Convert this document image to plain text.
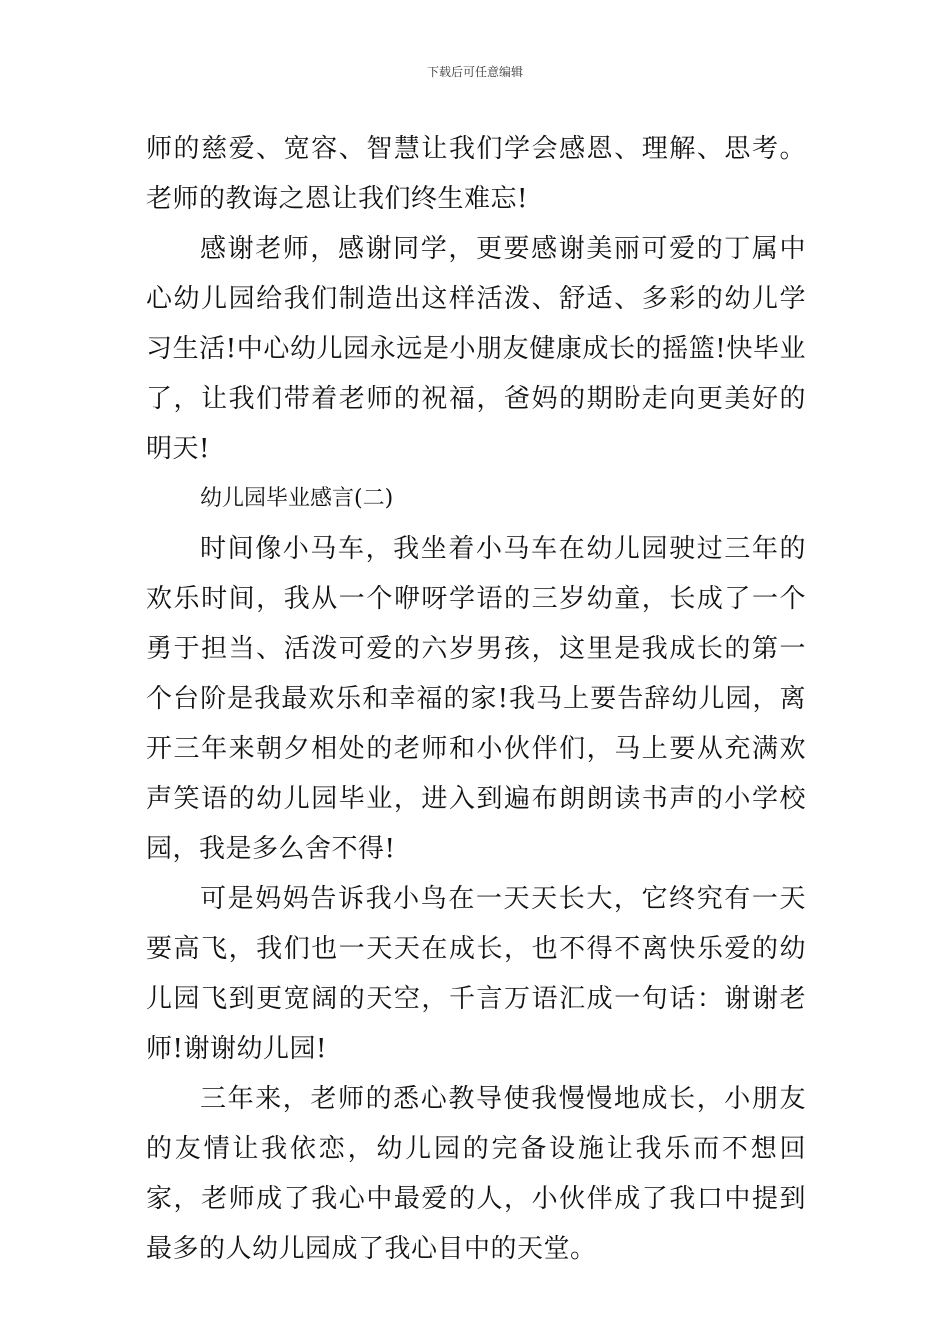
下载后可任意编辑

师的慈爱、宽容、智慧让我们学会感恩、理解、思考。老师的教诲之恩让我们终生难忘!

感谢老师，感谢同学，更要感谢美丽可爱的丁属中心幼儿园给我们制造出这样活泼、舒适、多彩的幼儿学习生活!中心幼儿园永远是小朋友健康成长的摇篮!快毕业了，让我们带着老师的祝福，爸妈的期盼走向更美好的明天!

幼儿园毕业感言(二)

时间像小马车，我坐着小马车在幼儿园驶过三年的欢乐时间，我从一个咿呀学语的三岁幼童，长成了一个勇于担当、活泼可爱的六岁男孩，这里是我成长的第一个台阶是我最欢乐和幸福的家!我马上要告辞幼儿园，离开三年来朝夕相处的老师和小伙伴们，马上要从充满欢声笑语的幼儿园毕业，进入到遍布朗朗读书声的小学校园，我是多么舍不得!

可是妈妈告诉我小鸟在一天天长大，它终究有一天要高飞，我们也一天天在成长，也不得不离快乐爱的幼儿园飞到更宽阔的天空，千言万语汇成一句话：谢谢老师!谢谢幼儿园!

三年来，老师的悉心教导使我慢慢地成长，小朋友的友情让我依恋，幼儿园的完备设施让我乐而不想回家，老师成了我心中最爱的人，小伙伴成了我口中提到最多的人幼儿园成了我心目中的天堂。
